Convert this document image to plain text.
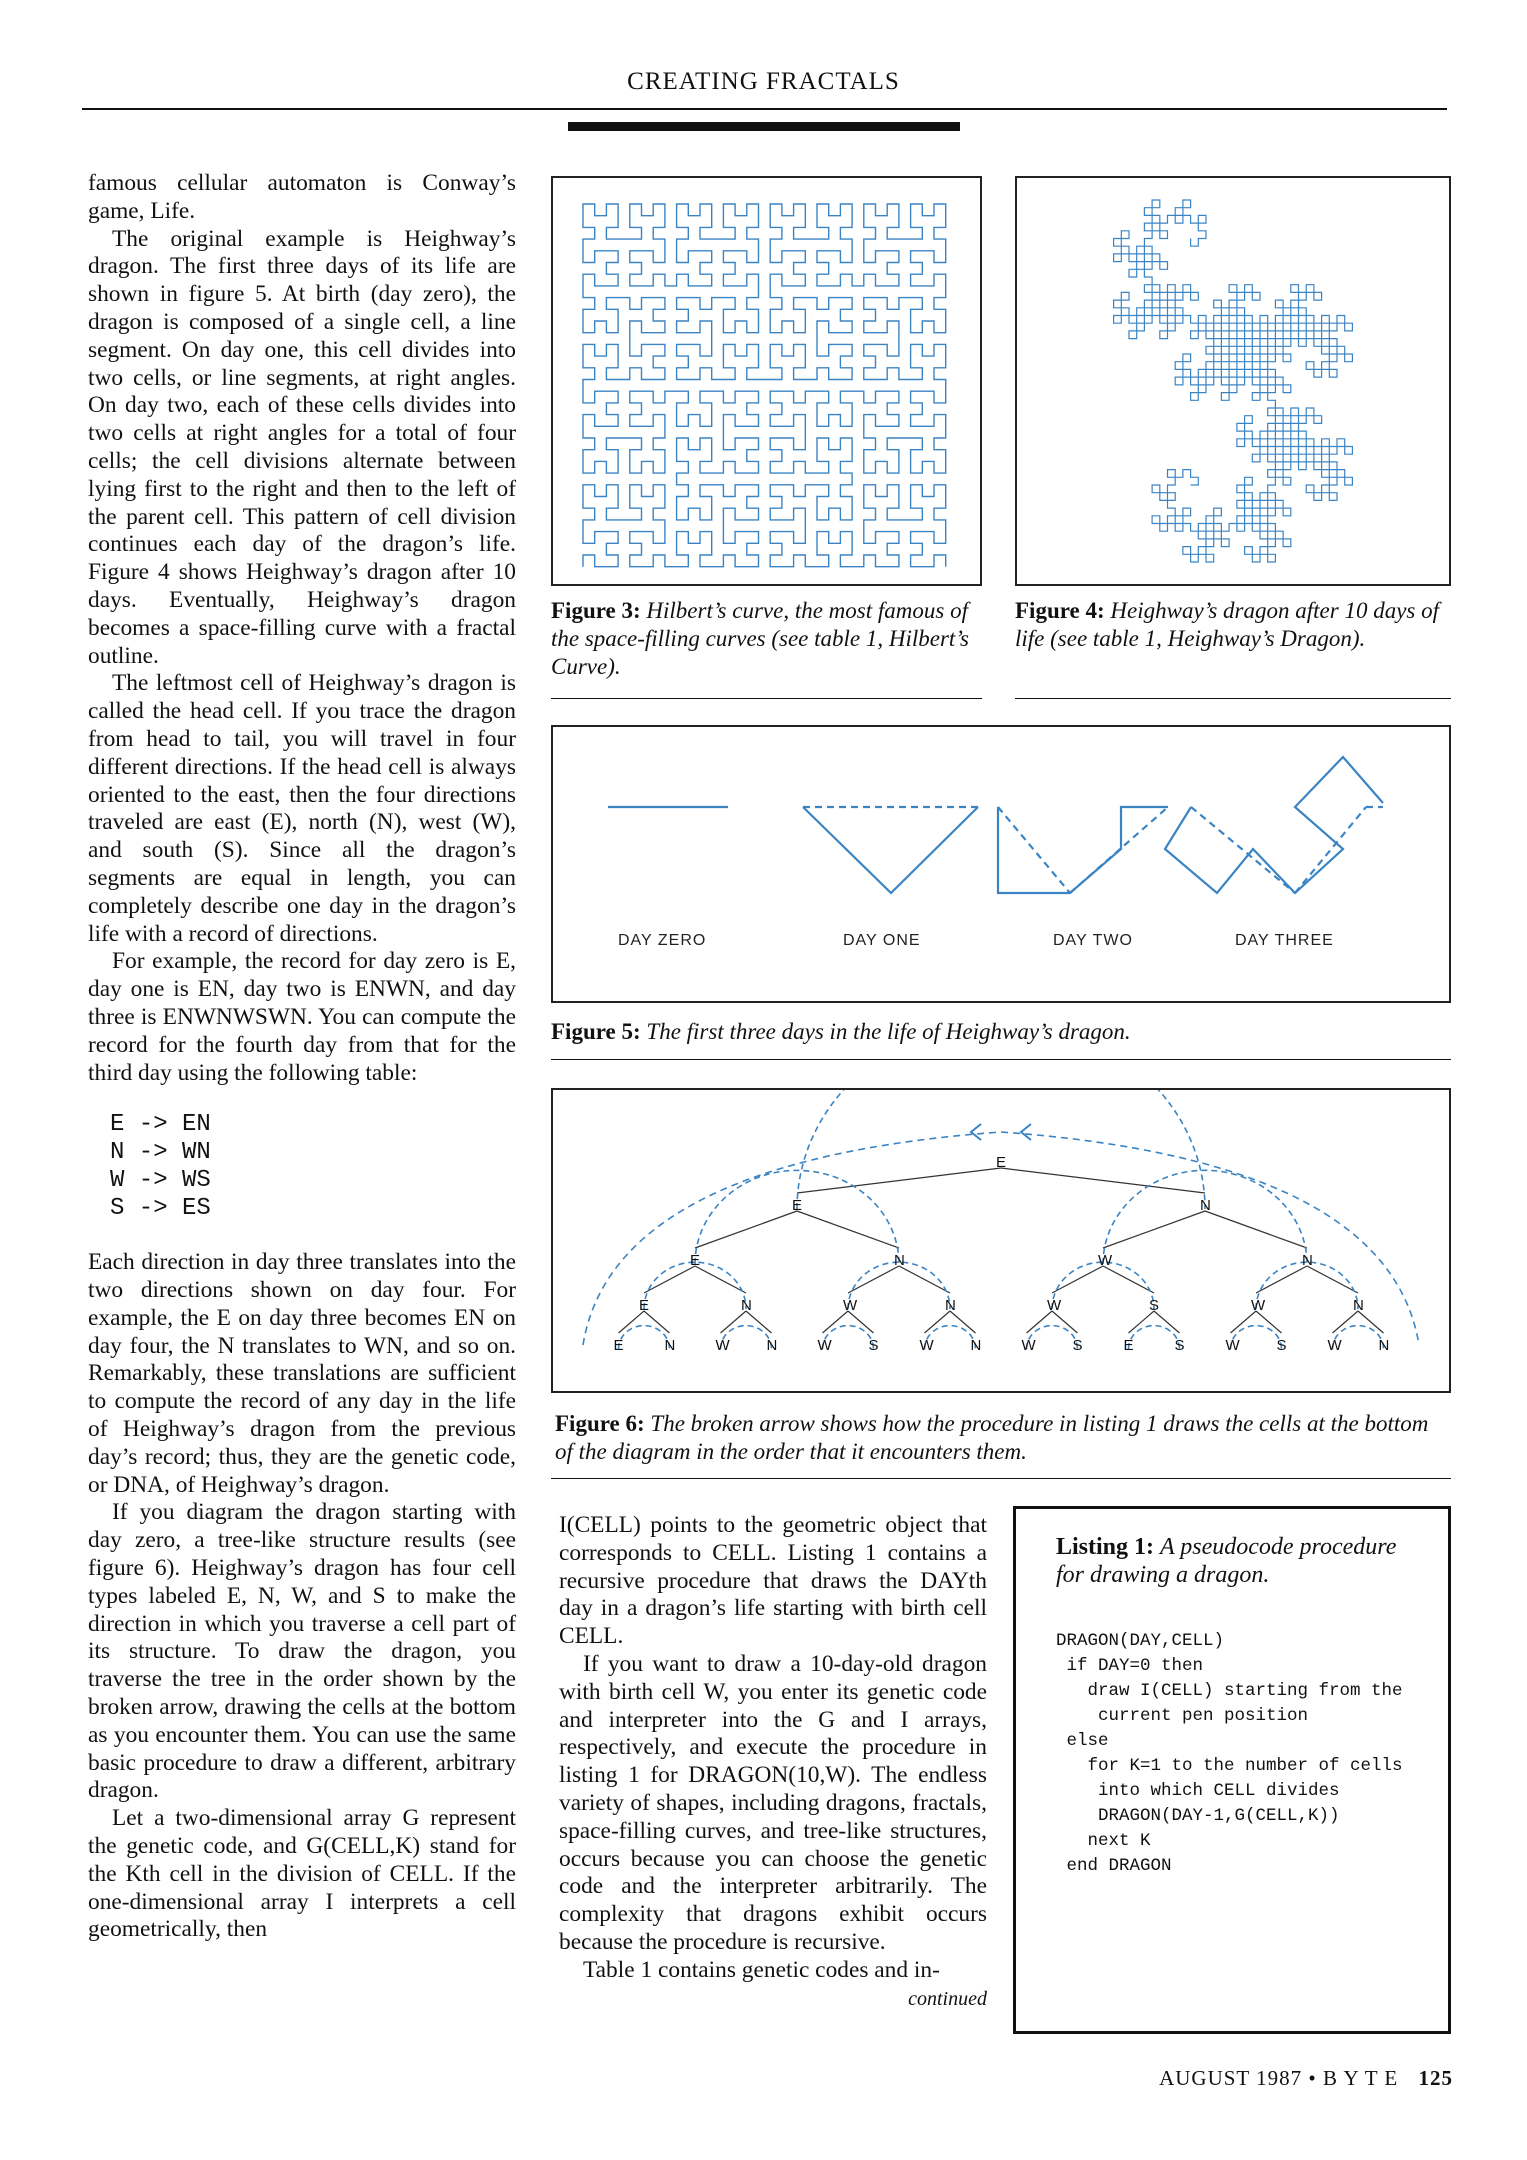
CREATING FRACTALS

famous cellular automaton is Conway’s game, Life.

The original example is Heighway’s dragon. The first three days of its life are shown in figure 5. At birth (day zero), the dragon is composed of a single cell, a line segment. On day one, this cell divides into two cells, or line segments, at right angles. On day two, each of these cells divides into two cells at right angles for a total of four cells; the cell divisions alternate between lying first to the right and then to the left of the parent cell. This pattern of cell division continues each day of the dragon’s life. Figure 4 shows Heighway’s dragon after 10 days. Eventually, Heighway’s dragon becomes a space-filling curve with a fractal outline.

The leftmost cell of Heighway’s dragon is called the head cell. If you trace the dragon from head to tail, you will travel in four different directions. If the head cell is always oriented to the east, then the four directions traveled are east (E), north (N), west (W), and south (S). Since all the dragon’s segments are equal in length, you can completely describe one day in the dragon’s life with a record of directions.

For example, the record for day zero is E, day one is EN, day two is ENWN, and day three is ENWNWSWN. You can compute the record for the fourth day from that for the third day using the following table:

E -> EN
N -> WN
W -> WS
S -> ES

Each direction in day three translates into the two directions shown on day four. For example, the E on day three becomes EN on day four, the N translates to WN, and so on. Remarkably, these translations are sufficient to compute the record of any day in the life of Heighway’s dragon from the previous day’s record; thus, they are the genetic code, or DNA, of Heighway’s dragon.

If you diagram the dragon starting with day zero, a tree-like structure results (see figure 6). Heighway’s dragon has four cell types labeled E, N, W, and S to make the direction in which you traverse a cell part of its structure. To draw the dragon, you traverse the tree in the order shown by the broken arrow, drawing the cells at the bottom as you encounter them. You can use the same basic procedure to draw a different, arbitrary dragon.

Let a two-dimensional array G represent the genetic code, and G(CELL,K) stand for the Kth cell in the division of CELL. If the one-dimensional array I interprets a cell geometrically, then

Figure 3: Hilbert’s curve, the most famous of the space-filling curves (see table 1, Hilbert’s Curve).
Figure 4: Heighway’s dragon after 10 days of life (see table 1, Heighway’s Dragon).
DAY ZERO	DAY ONE	DAY TWO	DAY THREE
Figure 5: The first three days in the life of Heighway’s dragon.
E
E	N
E	N	W	N
E	N	W	N	W	S	W	N
E	N	W N	W S	W N	W S	E	S	W S	W N
Figure 6: The broken arrow shows how the procedure in listing 1 draws the cells at the bottom of the diagram in the order that it encounters them.

I(CELL) points to the geometric object that corresponds to CELL. Listing 1 contains a recursive procedure that draws the DAYth day in a dragon’s life starting with birth cell CELL.

If you want to draw a 10-day-old dragon with birth cell W, you enter its genetic code and interpreter into the G and I arrays, respectively, and execute the procedure in listing 1 for DRAGON(10,W). The endless variety of shapes, including dragons, fractals, space-filling curves, and tree-like structures, occurs because you can choose the genetic code and the interpreter arbitrarily. The complexity that dragons exhibit occurs because the procedure is recursive.

Table 1 contains genetic codes and in-

continued
Listing 1: A pseudocode procedure for drawing a dragon.
DRAGON(DAY,CELL)
if DAY=0 then
draw I(CELL) starting from the
current pen position
else
for K=1 to the number of cells
into which CELL divides
DRAGON(DAY-1,G(CELL,K))
next K
end DRAGON
AUGUST 1987 • B Y T E 125
